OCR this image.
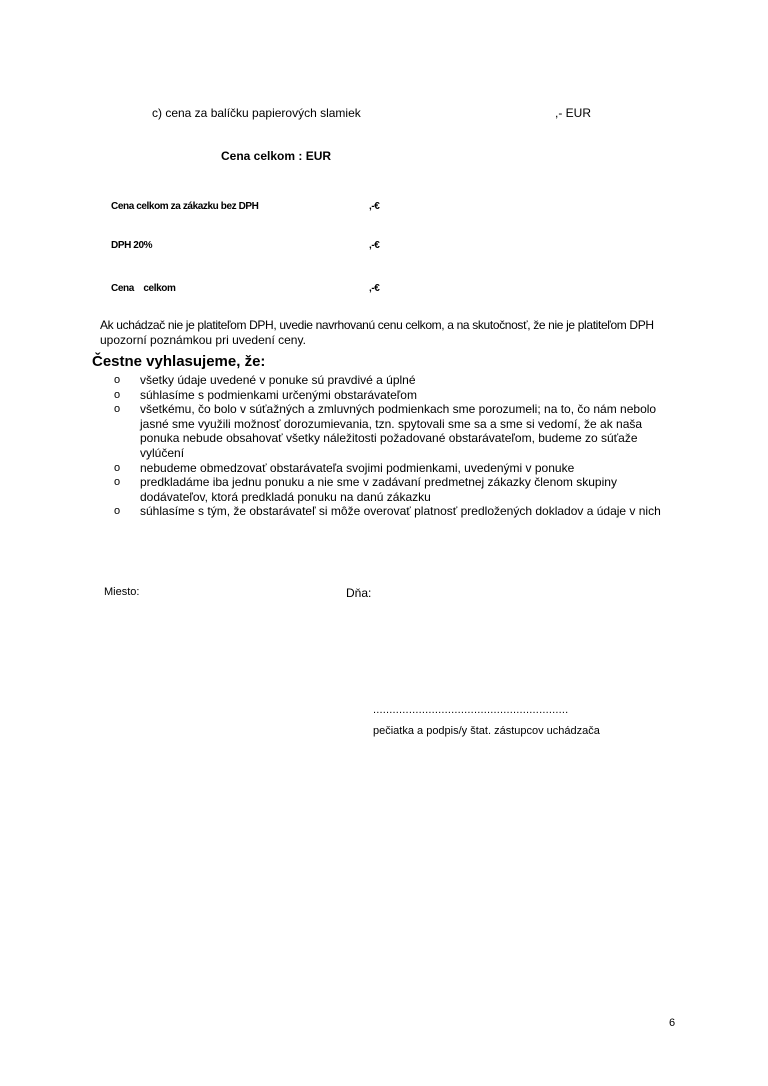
c) cena za balíčku papierových slamiek	,- EUR
Cena celkom : EUR
Cena celkom za zákazku bez DPH	,-€
DPH 20%	,-€
Cena    celkom	,-€
Ak uchádzač nie je platiteľom DPH, uvedie navrhovanú cenu celkom, a na skutočnosť, že nie je platiteľom DPH
upozorní poznámkou pri uvedení ceny.
Čestne vyhlasujeme, že:
o všetky údaje uvedené v ponuke sú pravdivé a úplné
o súhlasíme s podmienkami určenými obstarávateľom
o všetkému, čo bolo v súťažných a zmluvných podmienkach sme porozumeli; na to, čo nám nebolo jasné sme využili možnosť dorozumievania, tzn. spytovali sme sa a sme si vedomí, že ak naša ponuka nebude obsahovať všetky náležitosti požadované obstarávateľom, budeme zo súťaže vylúčení
o nebudeme obmedzovať obstarávateľa svojimi podmienkami, uvedenými v ponuke
o predkladáme iba jednu ponuku a nie sme v zadávaní predmetnej zákazky členom skupiny dodávateľov, ktorá predkladá ponuku na danú zákazku
o súhlasíme s tým, že obstarávateľ si môže overovať platnosť predložených dokladov a údaje v nich
Miesto:	Dňa:
............................................................
pečiatka a podpis/y štat. zástupcov uchádzača
6
